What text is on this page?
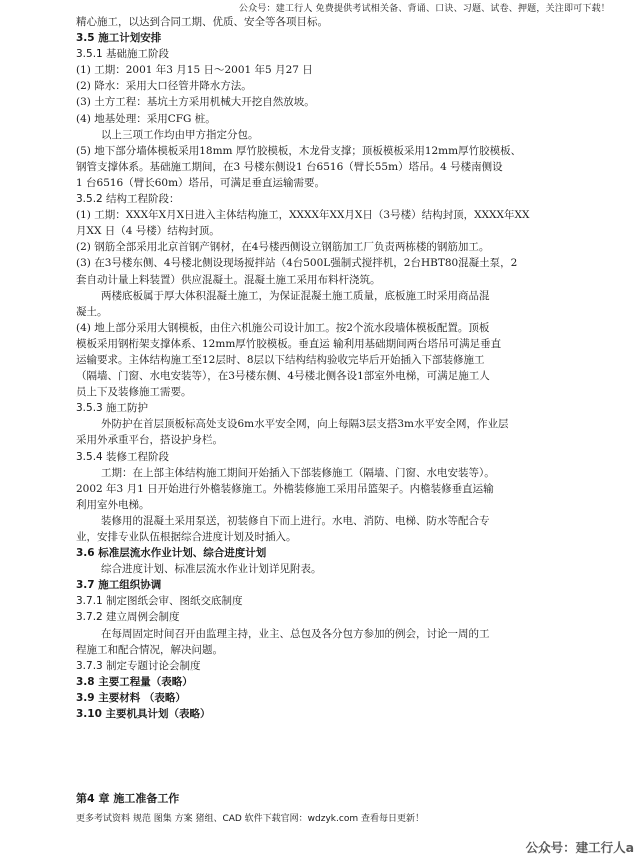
公众号：建工行人 免费提供考试相关备、背诵、口诀、习题、试卷、押题，关注即可下载！
精心施工，以达到合同工期、优质、安全等各项目标。
3.5 施工计划安排
3.5.1 基础施工阶段
(1) 工期：2001 年3 月15 日～2001 年5 月27 日
(2) 降水：采用大口径管井降水方法。
(3) 土方工程：基坑土方采用机械大开挖自然放坡。
(4) 地基处理：采用CFG 桩。
以上三项工作均由甲方指定分包。
(5) 地下部分墙体模板采用18mm 厚竹胶模板，木龙骨支撑；顶板模板采用12mm厚竹胶模板、
钢管支撑体系。基础施工期间，在3 号楼东侧设1 台6516（臂长55m）塔吊。4 号楼南侧设
1 台6516（臂长60m）塔吊，可满足垂直运输需要。
3.5.2 结构工程阶段：
(1) 工期：XXX年X月X日进入主体结构施工，XXXX年XX月X日（3号楼）结构封顶，XXXX年XX
月XX 日（4 号楼）结构封顶。
(2) 钢筋全部采用北京首钢产钢材，在4号楼西侧设立钢筋加工厂负责两栋楼的钢筋加工。
(3) 在3号楼东侧、4号楼北侧设现场搅拌站（4台500L强制式搅拌机，2台HBT80混凝土泵，2
套自动计量上料装置）供应混凝土。混凝土施工采用布料杆浇筑。
两楼底板属于厚大体积混凝土施工，为保证混凝土施工质量，底板施工时采用商品混
凝土。
(4) 地上部分采用大钢模板，由住六机施公司设计加工。按2个流水段墙体模板配置。顶板
模板采用钢桁架支撑体系、12mm厚竹胶模板。垂直运 输利用基础期间两台塔吊可满足垂直
运输要求。主体结构施工至12层时、8层以下结构结构验收完毕后开始插入下部装修施工
（隔墙、门窗、水电安装等），在3号楼东侧、4号楼北侧各设1部室外电梯，可满足施工人
员上下及装修施工需要。
3.5.3 施工防护
外防护在首层顶板标高处支设6m水平安全网，向上每隔3层支搭3m水平安全网，作业层
采用外承重平台，搭设护身栏。
3.5.4 装修工程阶段
工期：在上部主体结构施工期间开始插入下部装修施工（隔墙、门窗、水电安装等）。
2002 年3 月1 日开始进行外檐装修施工。外檐装修施工采用吊篮架子。内檐装修垂直运输
利用室外电梯。
装修用的混凝土采用泵送，初装修自下而上进行。水电、消防、电梯、防水等配合专
业，安排专业队伍根据综合进度计划及时插入。
3.6 标准层流水作业计划、综合进度计划
综合进度计划、标准层流水作业计划详见附表。
3.7 施工组织协调
3.7.1 制定图纸会审、图纸交底制度
3.7.2 建立周例会制度
在每周固定时间召开由监理主持，业主、总包及各分包方参加的例会，讨论一周的工
程施工和配合情况，解决问题。
3.7.3 制定专题讨论会制度
3.8 主要工程量（表略）
3.9 主要材料 （表略）
3.10 主要机具计划（表略）
第4 章 施工准备工作
更多考试资料 规范 图集 方案 猪组、CAD 软件下载官网：wdzyk.com 查看每日更新！
公众号：建工行人a
